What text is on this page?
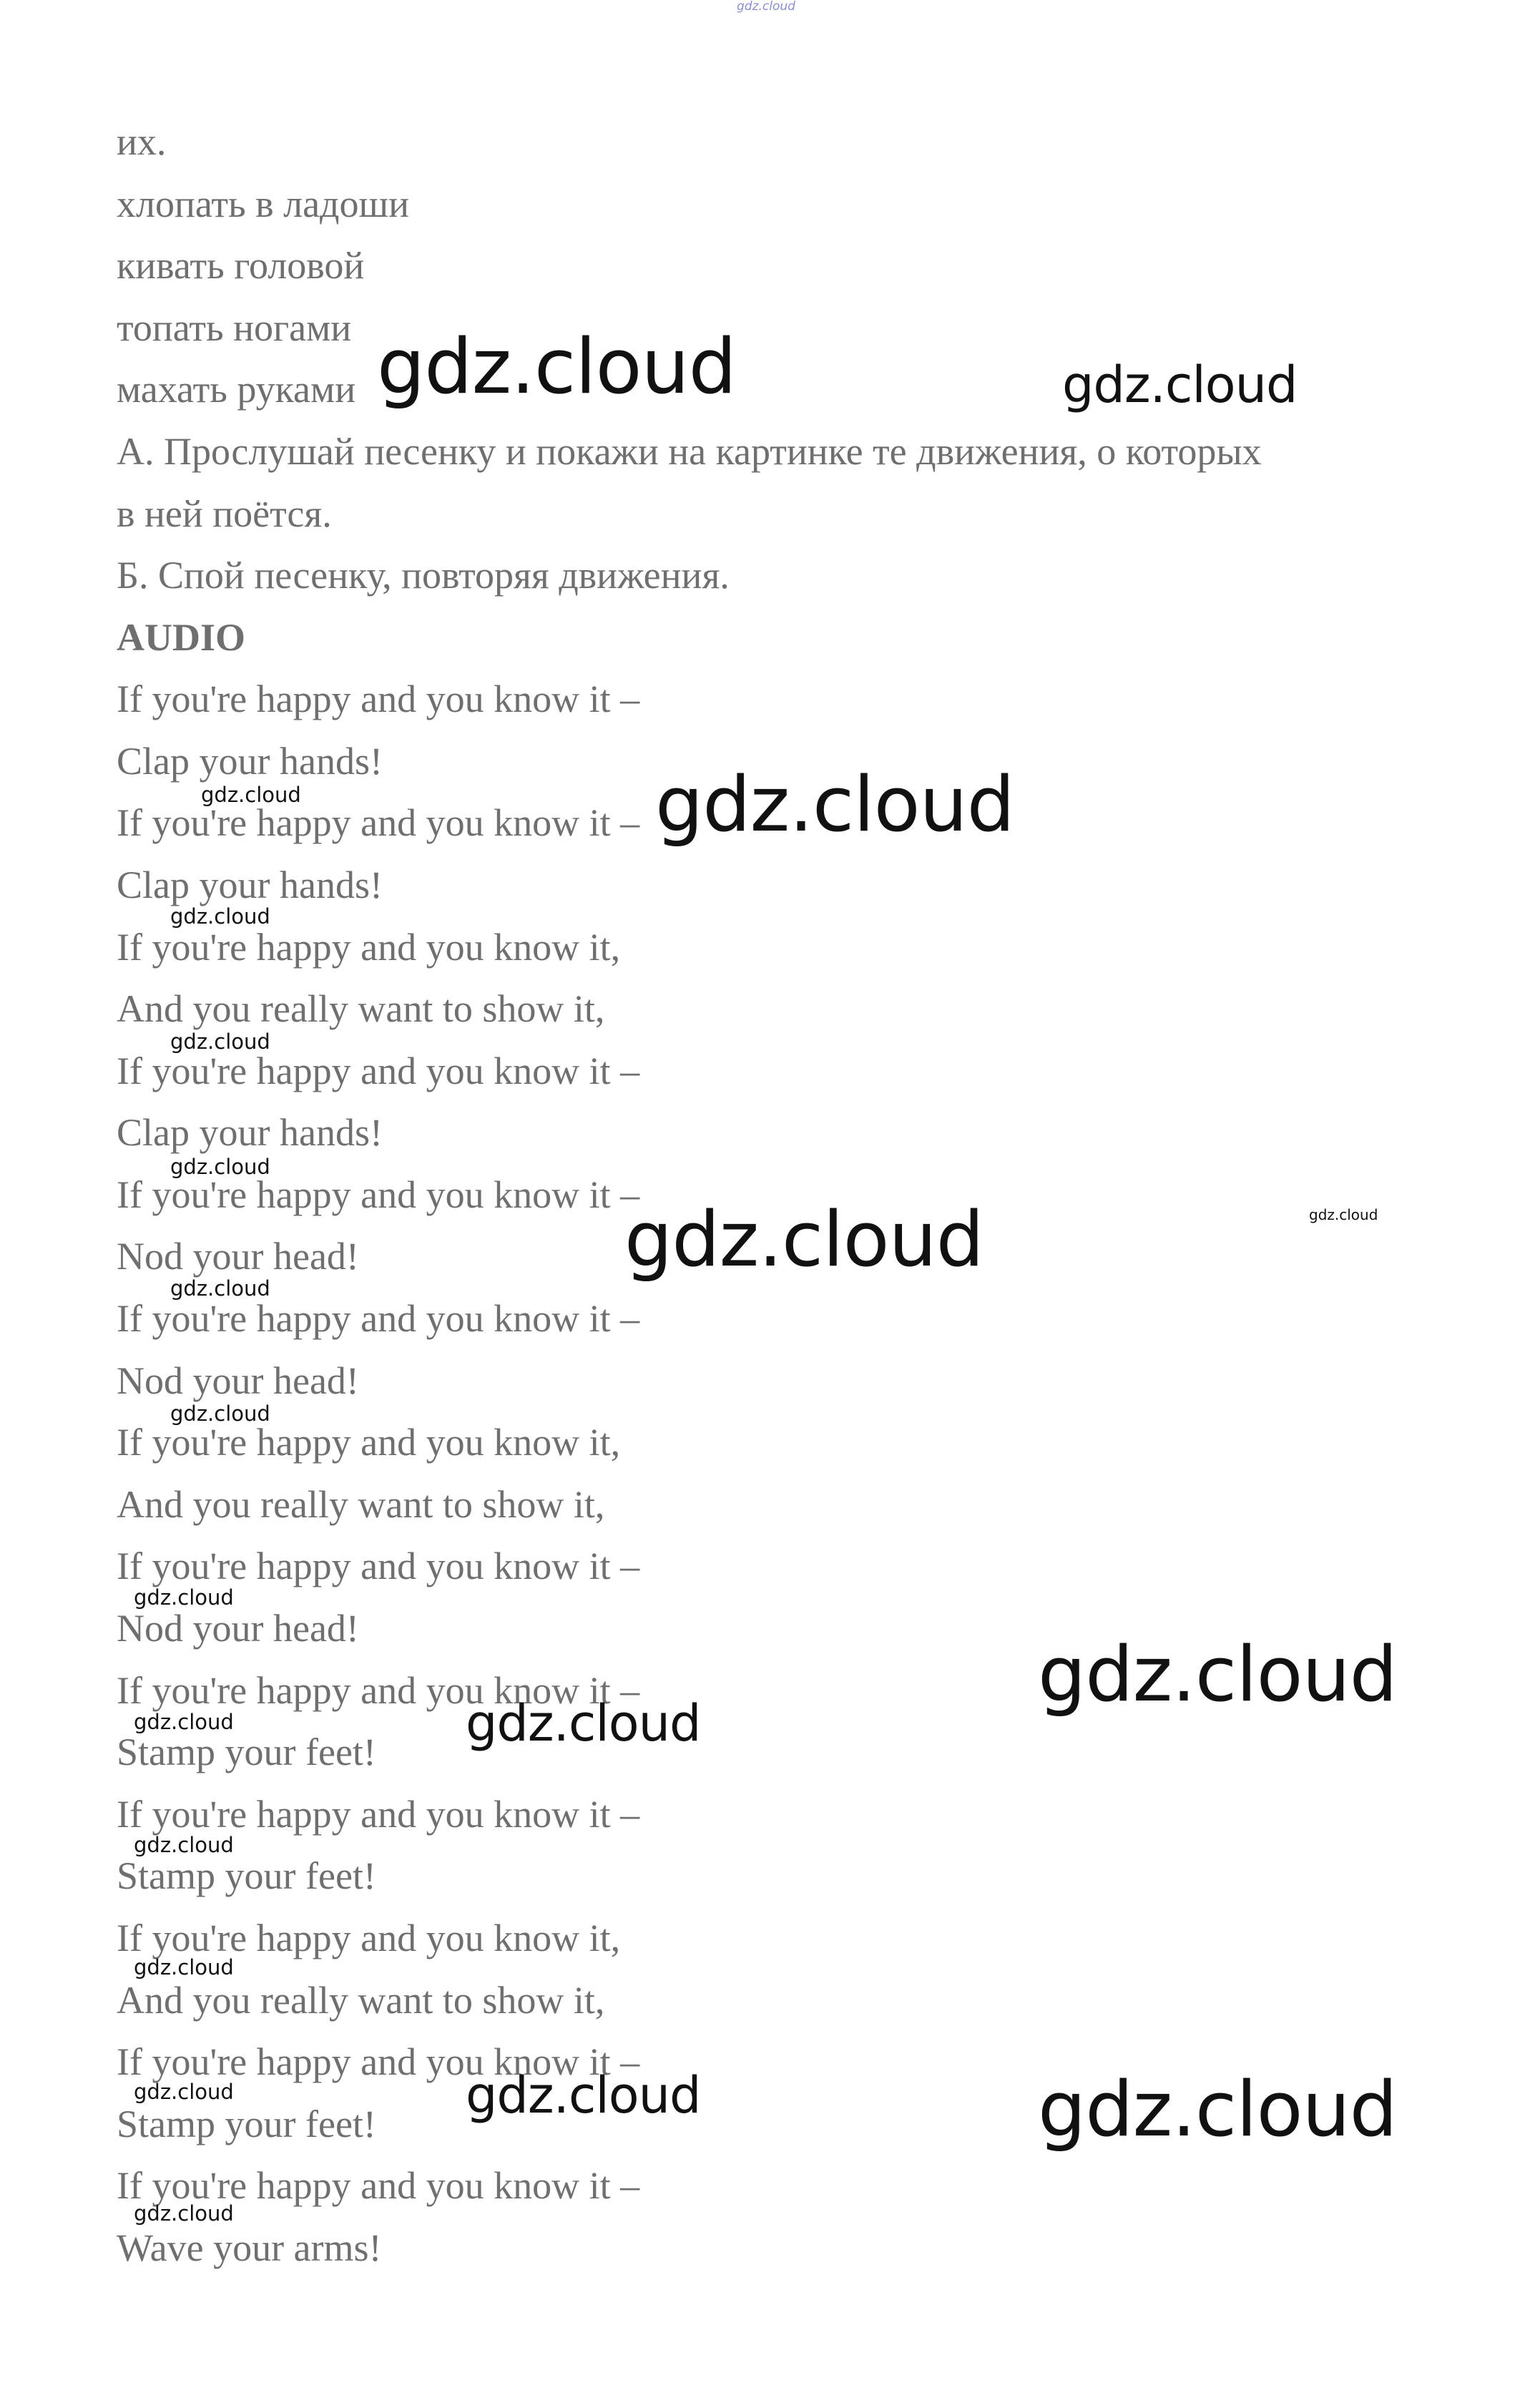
их.

хлопать в ладоши

кивать головой

топать ногами

махать руками

А. Прослушай песенку и покажи на картинке те движения, о которых

в ней поётся.

Б. Спой песенку, повторяя движения.

AUDIO

If you're happy and you know it –

Clap your hands!

If you're happy and you know it –

Clap your hands!

If you're happy and you know it,

And you really want to show it,

If you're happy and you know it –

Clap your hands!

If you're happy and you know it –

Nod your head!

If you're happy and you know it –

Nod your head!

If you're happy and you know it,

And you really want to show it,

If you're happy and you know it –

Nod your head!

If you're happy and you know it –

Stamp your feet!

If you're happy and you know it –

Stamp your feet!

If you're happy and you know it,

And you really want to show it,

If you're happy and you know it –

Stamp your feet!

If you're happy and you know it –

Wave your arms!

gdz.cloud
gdz.cloud	gdz.cloud
gdz.cloud	gdz.cloud
gdz.cloud
gdz.cloud
gdz.cloud
gdz.cloud	gdz.cloud
gdz.cloud
gdz.cloud
gdz.cloud
gdz.cloud
gdz.cloud	gdz.cloud
gdz.cloud
gdz.cloud
gdz.cloud	gdz.cloud	gdz.cloud
gdz.cloud
